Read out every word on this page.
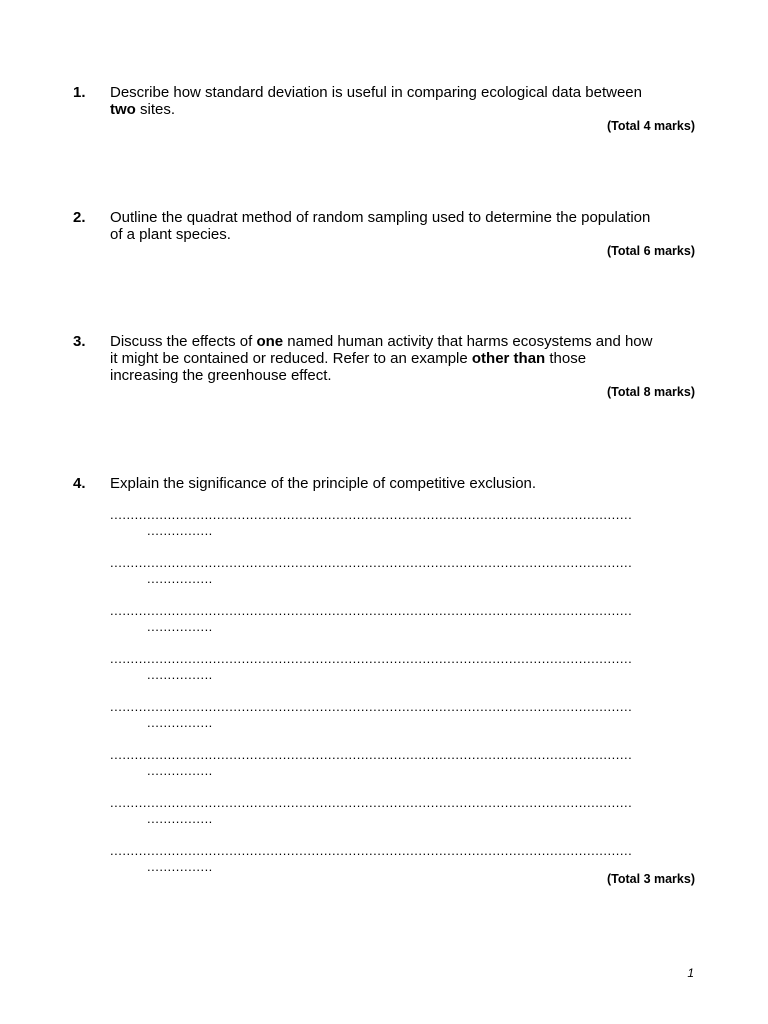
1. Describe how standard deviation is useful in comparing ecological data between two sites.
(Total 4 marks)
2. Outline the quadrat method of random sampling used to determine the population of a plant species.
(Total 6 marks)
3. Discuss the effects of one named human activity that harms ecosystems and how it might be contained or reduced. Refer to an example other than those increasing the greenhouse effect.
(Total 8 marks)
4. Explain the significance of the principle of competitive exclusion.
...............................................................................................................................
................
...............................................................................................................................
................
...............................................................................................................................
................
...............................................................................................................................
................
...............................................................................................................................
................
...............................................................................................................................
................
...............................................................................................................................
................
...............................................................................................................................
................
(Total 3 marks)
1
